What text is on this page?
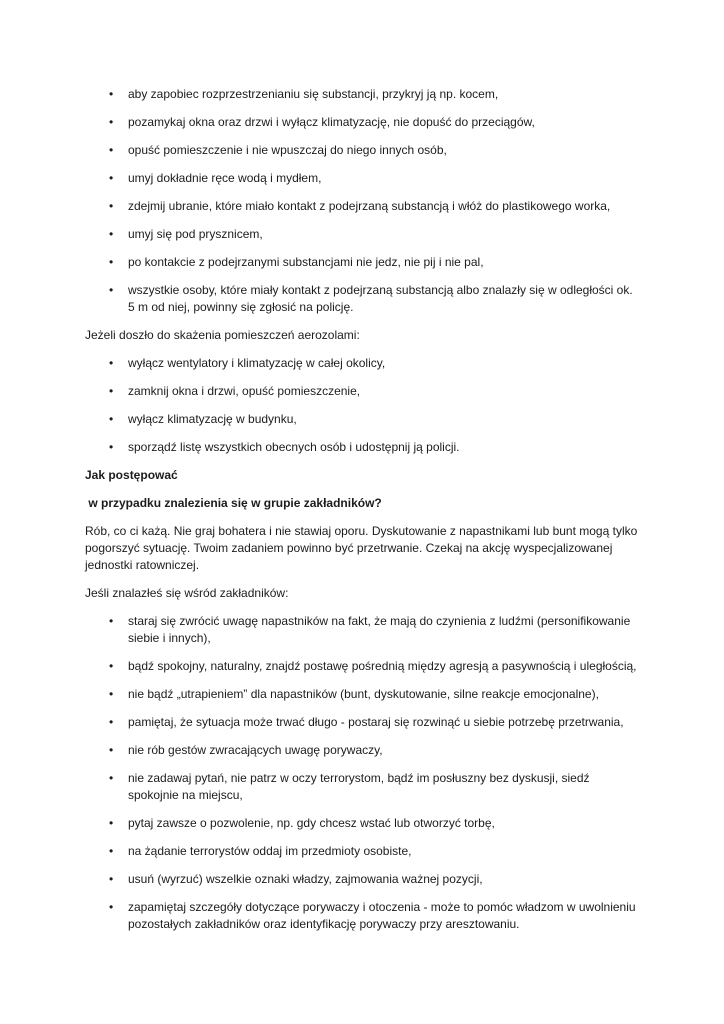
•	aby zapobiec rozprzestrzenianiu się substancji, przykryj ją np. kocem,
•	pozamykaj okna oraz drzwi i wyłącz klimatyzację, nie dopuść do przeciągów,
•	opuść pomieszczenie i nie wpuszczaj do niego innych osób,
•	umyj dokładnie ręce wodą i mydłem,
•	zdejmij ubranie, które miało kontakt z podejrzaną substancją i włóż do plastikowego worka,
•	umyj się pod prysznicem,
•	po kontakcie z podejrzanymi substancjami nie jedz, nie pij i nie pal,
•	wszystkie osoby, które miały kontakt z podejrzaną substancją albo znalazły się w odległości ok. 5 m od niej, powinny się zgłosić na policję.

Jeżeli doszło do skażenia pomieszczeń aerozolami:

•	wyłącz wentylatory i klimatyzację w całej okolicy,
•	zamknij okna i drzwi, opuść pomieszczenie,
•	wyłącz klimatyzację w budynku,
•	sporządź listę wszystkich obecnych osób i udostępnij ją policji.
Jak postępować
w przypadku znalezienia się w grupie zakładników?

Rób, co ci każą. Nie graj bohatera i nie stawiaj oporu. Dyskutowanie z napastnikami lub bunt mogą tylko pogorszyć sytuację. Twoim zadaniem powinno być przetrwanie. Czekaj na akcję wyspecjalizowanej jednostki ratowniczej.

Jeśli znalazłeś się wśród zakładników:

•	staraj się zwrócić uwagę napastników na fakt, że mają do czynienia z ludźmi (personifikowanie siebie i innych),
•	bądź spokojny, naturalny, znajdź postawę pośrednią między agresją a pasywnością i uległością,
•	nie bądź „utrapieniem” dla napastników (bunt, dyskutowanie, silne reakcje emocjonalne),
•	pamiętaj, że sytuacja może trwać długo - postaraj się rozwinąć u siebie potrzebę przetrwania,
•	nie rób gestów zwracających uwagę porywaczy,
•	nie zadawaj pytań, nie patrz w oczy terrorystom, bądź im posłuszny bez dyskusji, siedź spokojnie na miejscu,
•	pytaj zawsze o pozwolenie, np. gdy chcesz wstać lub otworzyć torbę,
•	na żądanie terrorystów oddaj im przedmioty osobiste,
•	usuń (wyrzuć) wszelkie oznaki władzy, zajmowania ważnej pozycji,
•	zapamiętaj szczegóły dotyczące porywaczy i otoczenia - może to pomóc władzom w uwolnieniu pozostałych zakładników oraz identyfikację porywaczy przy aresztowaniu.
